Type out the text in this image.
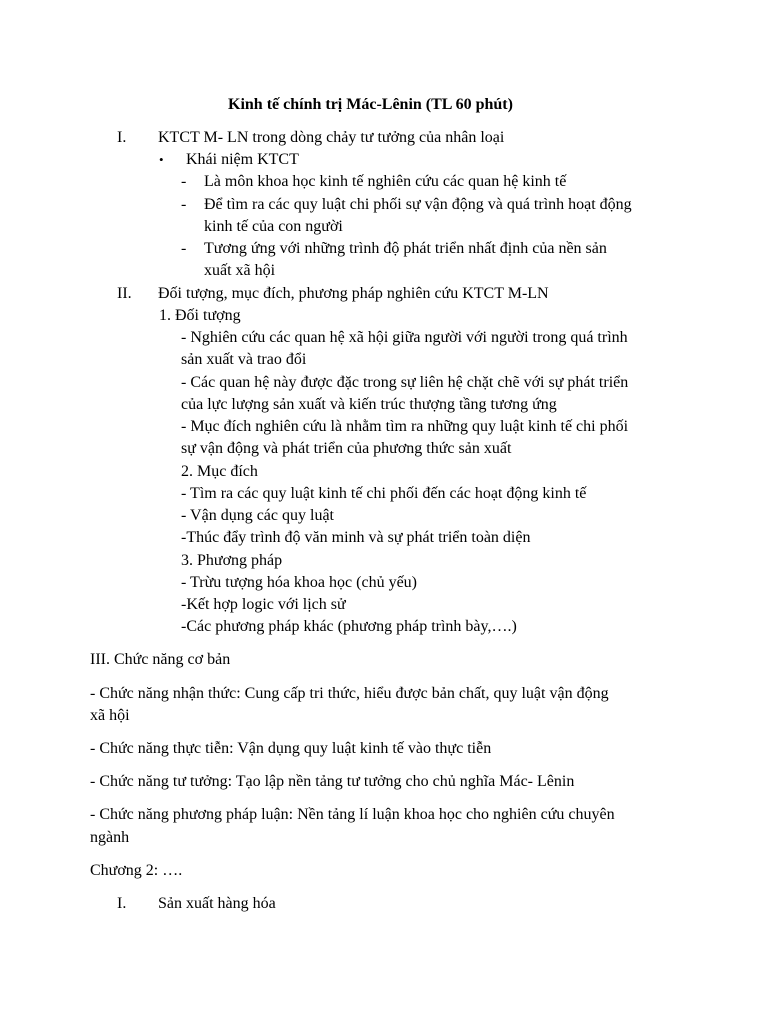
Kinh tế chính trị Mác-Lênin (TL 60 phút)
I. KTCT M- LN trong dòng chảy tư tưởng của nhân loại
• Khái niệm KTCT
- Là môn khoa học kinh tế nghiên cứu các quan hệ kinh tế
- Để tìm ra các quy luật chi phối sự vận động và quá trình hoạt động
kinh tế của con người
- Tương ứng với những trình độ phát triển nhất định của nền sản
xuất xã hội
II. Đối tượng, mục đích, phương pháp nghiên cứu KTCT M-LN
1. Đối tượng
- Nghiên cứu các quan hệ xã hội giữa người với người trong quá trình
sản xuất và trao đổi
- Các quan hệ này được đặc trong sự liên hệ chặt chẽ với sự phát triển
của lực lượng sản xuất và kiến trúc thượng tầng tương ứng
- Mục đích nghiên cứu là nhằm tìm ra những quy luật kinh tế chi phối
sự vận động và phát triển của phương thức sản xuất
2. Mục đích
- Tìm ra các quy luật kinh tế chi phối đến các hoạt động kinh tế
- Vận dụng các quy luật
-Thúc đẩy trình độ văn minh và sự phát triển toàn diện
3. Phương pháp
- Trừu tượng hóa khoa học (chủ yếu)
-Kết hợp logic với lịch sử
-Các phương pháp khác (phương pháp trình bày,….)
III. Chức năng cơ bản
- Chức năng nhận thức: Cung cấp tri thức, hiểu được bản chất, quy luật vận động
xã hội
- Chức năng thực tiễn: Vận dụng quy luật kinh tế vào thực tiễn
- Chức năng tư tưởng: Tạo lập nền tảng tư tưởng cho chủ nghĩa Mác- Lênin
- Chức năng phương pháp luận: Nền tảng lí luận khoa học cho nghiên cứu chuyên
ngành
Chương 2: ….
I. Sản xuất hàng hóa
